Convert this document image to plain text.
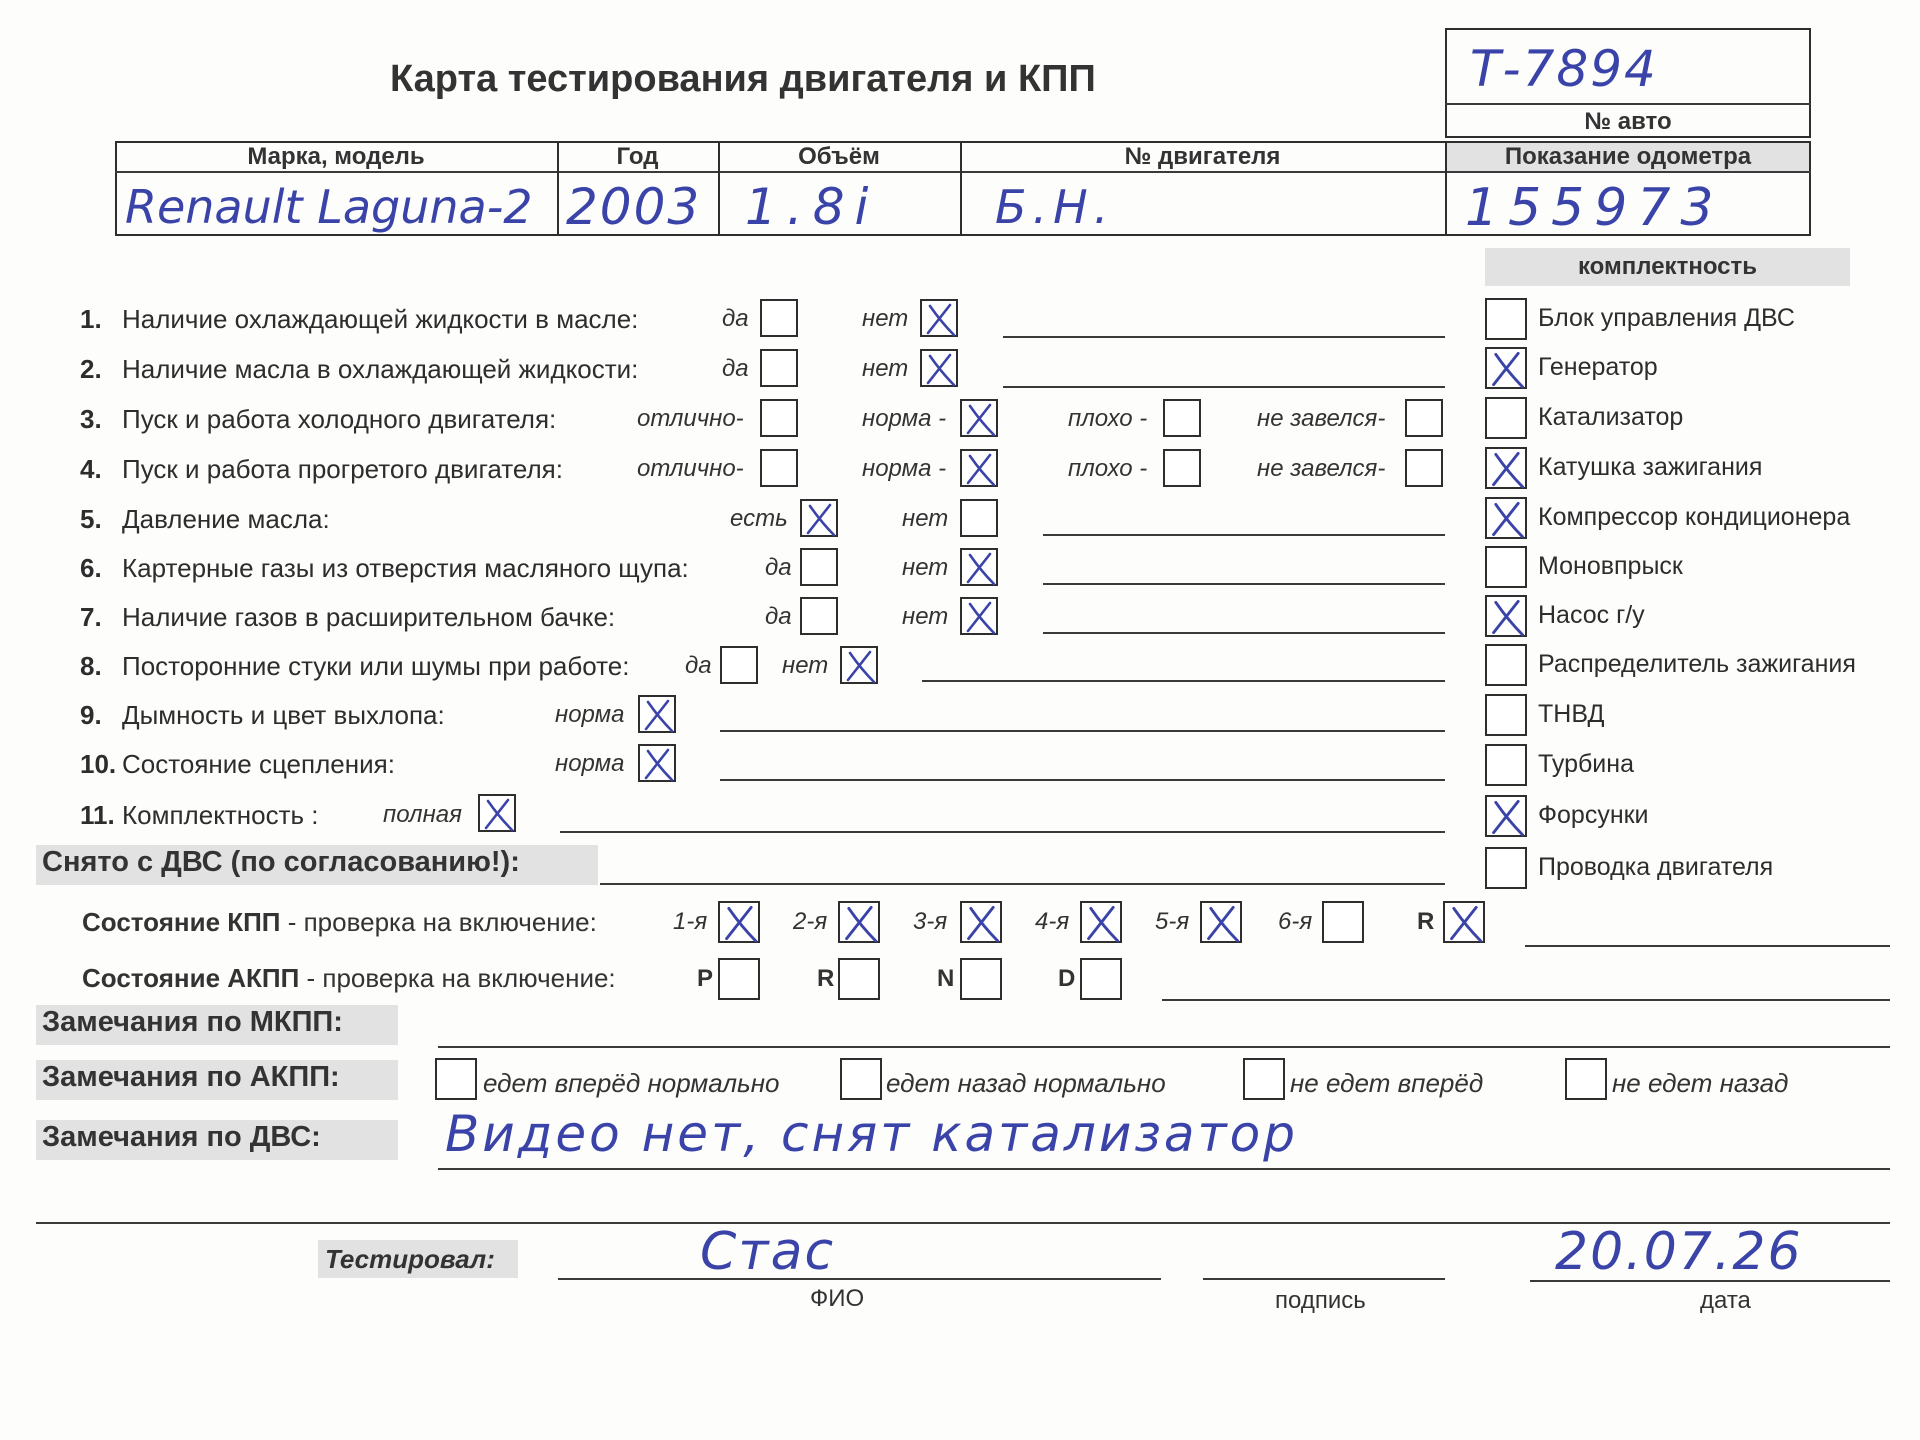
Карта тестирования двигателя и КПП	Т-7894
№ авто
Марка, модель	Год	Объём	№ двигателя	Показание одометра
Renault Laguna-2 2003 1.8i	Б.Н.	155973
комплектность
1. Наличие охлаждающей жидкости в масле:	да	нет
2. Наличие масла в охлаждающей жидкости:	да	нет
3. Пуск и работа холодного двигателя:	отлично-	норма -	плохо -	не завелся-
4. Пуск и работа прогретого двигателя:	отлично-	норма -	плохо -	не завелся-
5. Давление масла:	есть	нет
6. Картерные газы из отверстия масляного щупа:	да	нет
7. Наличие газов в расширительном бачке:	да	нет
8. Посторонние стуки или шумы при работе: да	нет
9. Дымность и цвет выхлопа:	норма
10. Состояние сцепления:	норма
11. Комплектность :	полная
Снято с ДВС (по согласованию!):
Блок управления ДВС
Генератор
Катализатор
Катушка зажигания
Компрессор кондиционера
Моновпрыск
Насос г/у
Распределитель зажигания
ТНВД
Турбина
Форсунки
Проводка двигателя
Состояние КПП - проверка на включение:	1-я	2-я	3-я	4-я	5-я	6-я	R
Состояние АКПП - проверка на включение:	P	R	N	D
Замечания по МКПП:
Замечания по АКПП:	едет вперёд нормально	едет назад нормально	не едет вперёд	не едет назад
Замечания по ДВС: Видео нет, снят катализатор
Тестировал:	Стас
ФИО	подпись
20.07.26
дата
